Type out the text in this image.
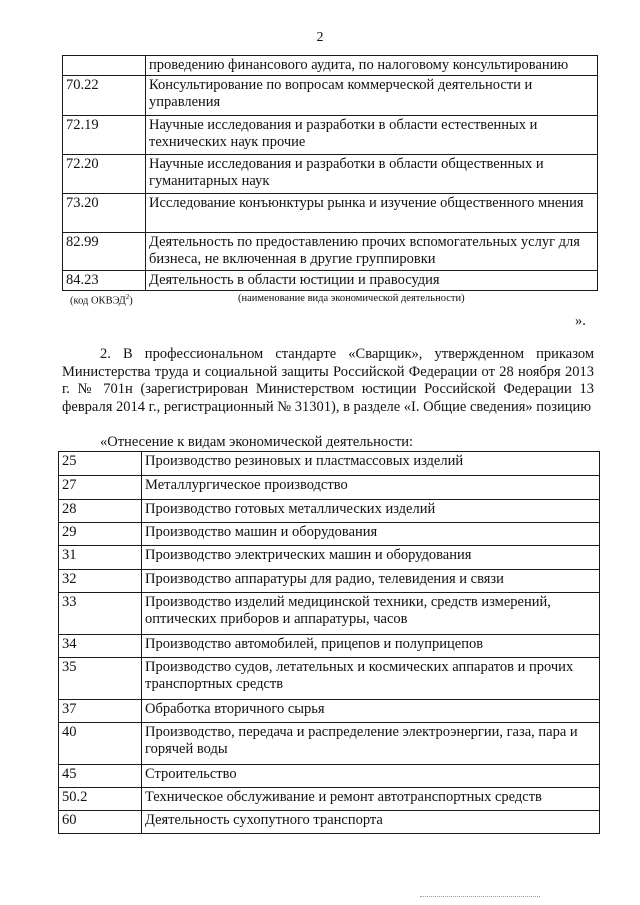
2
	проведению финансового аудита, по налоговому консультированию
70.22	Консультирование по вопросам коммерческой деятельности и управления
72.19	Научные исследования и разработки в области естественных и технических наук прочие
72.20	Научные исследования и разработки в области общественных и гуманитарных наук
73.20	Исследование конъюнктуры рынка и изучение общественного мнения
82.99	Деятельность по предоставлению прочих вспомогательных услуг для бизнеса, не включенная в другие группировки
84.23	Деятельность в области юстиции и правосудия
(код ОКВЭД$^2$)	(наименование вида экономической деятельности)
».
2. В профессиональном стандарте «Сварщик», утвержденном приказом Министерства труда и социальной защиты Российской Федерации от 28 ноября 2013 г. № 701н (зарегистрирован Министерством юстиции Российской Федерации 13 февраля 2014 г., регистрационный № 31301), в разделе «I. Общие сведения» позицию
«Отнесение к видам экономической деятельности:
25	Производство резиновых и пластмассовых изделий
27	Металлургическое производство
28	Производство готовых металлических изделий
29	Производство машин и оборудования
31	Производство электрических машин и оборудования
32	Производство аппаратуры для радио, телевидения и связи
33	Производство изделий медицинской техники, средств измерений, оптических приборов и аппаратуры, часов
34	Производство автомобилей, прицепов и полуприцепов
35	Производство судов, летательных и космических аппаратов и прочих транспортных средств
37	Обработка вторичного сырья
40	Производство, передача и распределение электроэнергии, газа, пара и горячей воды
45	Строительство
50.2	Техническое обслуживание и ремонт автотранспортных средств
60	Деятельность сухопутного транспорта
